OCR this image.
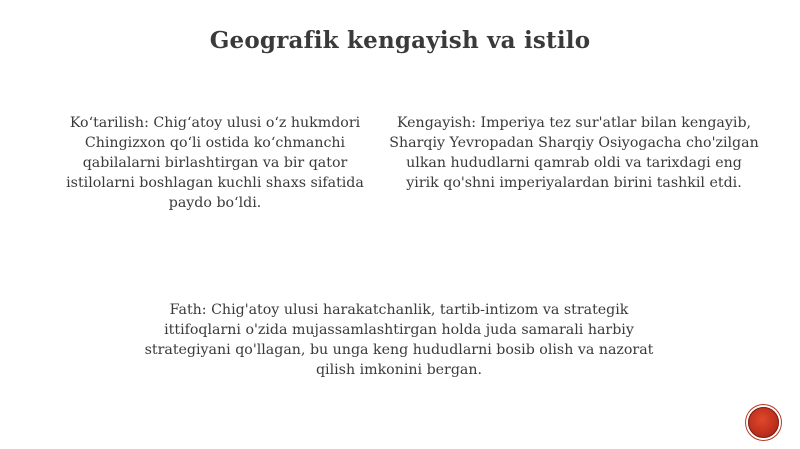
Geografik kengayish va istilo

Ko‘tarilish: Chig‘atoy ulusi o‘z hukmdori Chingizxon qo‘li ostida ko‘chmanchi qabilalarni birlashtirgan va bir qator istilolarni boshlagan kuchli shaxs sifatida paydo bo‘ldi.

Kengayish: Imperiya tez sur'atlar bilan kengayib, Sharqiy Yevropadan Sharqiy Osiyogacha cho'zilgan ulkan hududlarni qamrab oldi va tarixdagi eng yirik qo'shni imperiyalardan birini tashkil etdi.

Fath: Chig'atoy ulusi harakatchanlik, tartib-intizom va strategik ittifoqlarni o'zida mujassamlashtirgan holda juda samarali harbiy strategiyani qo'llagan, bu unga keng hududlarni bosib olish va nazorat qilish imkonini bergan.
